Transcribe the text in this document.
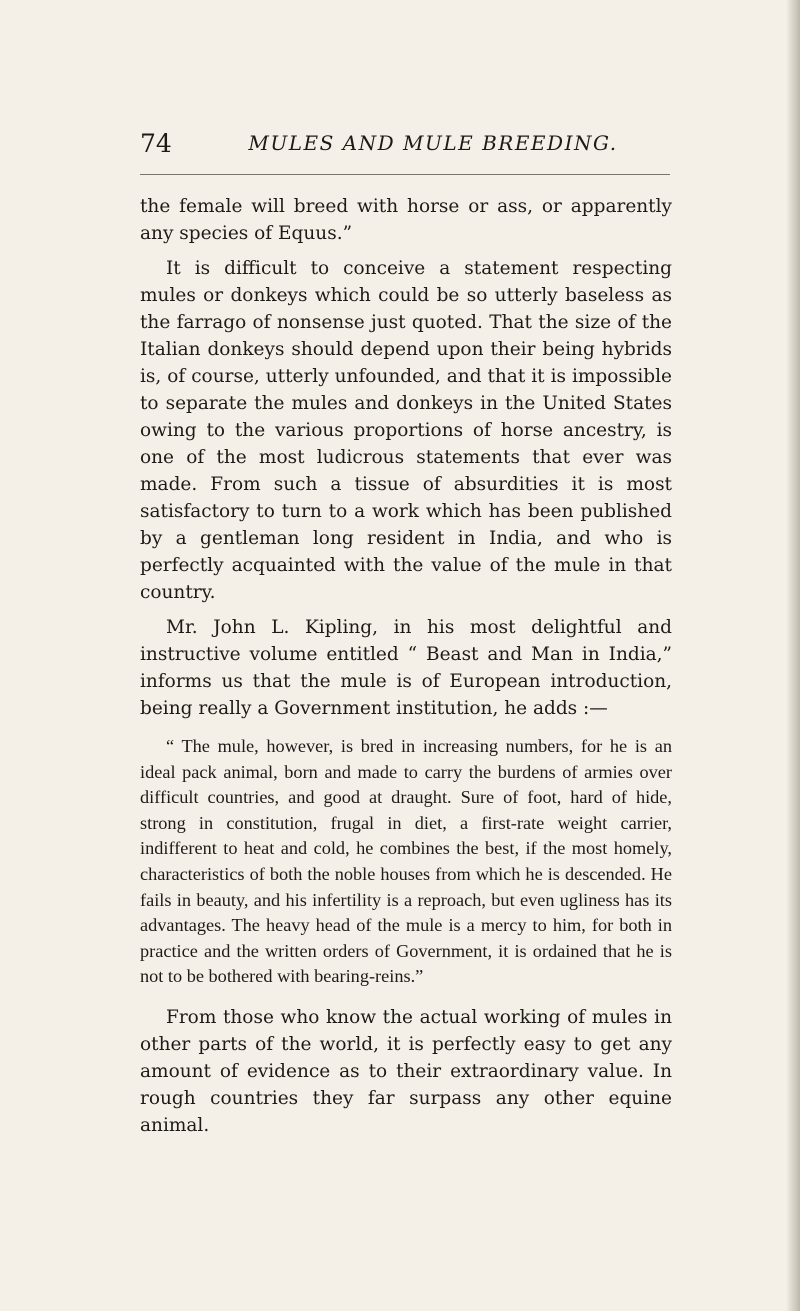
74	MULES AND MULE BREEDING.

the female will breed with horse or ass, or apparently any species of Equus.”

It is difficult to conceive a statement respecting mules or donkeys which could be so utterly baseless as the farrago of nonsense just quoted. That the size of the Italian donkeys should depend upon their being hybrids is, of course, utterly unfounded, and that it is impossible to separate the mules and donkeys in the United States owing to the various proportions of horse ancestry, is one of the most ludicrous statements that ever was made. From such a tissue of absurdities it is most satisfactory to turn to a work which has been published by a gentleman long resident in India, and who is perfectly acquainted with the value of the mule in that country.

Mr. John L. Kipling, in his most delightful and instructive volume entitled “ Beast and Man in India,” informs us that the mule is of European introduction, being really a Government institution, he adds :—

“ The mule, however, is bred in increasing numbers, for he is an ideal pack animal, born and made to carry the burdens of armies over difficult countries, and good at draught. Sure of foot, hard of hide, strong in constitution, frugal in diet, a first-rate weight carrier, indifferent to heat and cold, he combines the best, if the most homely, characteristics of both the noble houses from which he is descended. He fails in beauty, and his infertility is a reproach, but even ugliness has its advantages. The heavy head of the mule is a mercy to him, for both in practice and the written orders of Government, it is ordained that he is not to be bothered with bearing-reins.”

From those who know the actual working of mules in other parts of the world, it is perfectly easy to get any amount of evidence as to their extraordinary value. In rough countries they far surpass any other equine animal.
